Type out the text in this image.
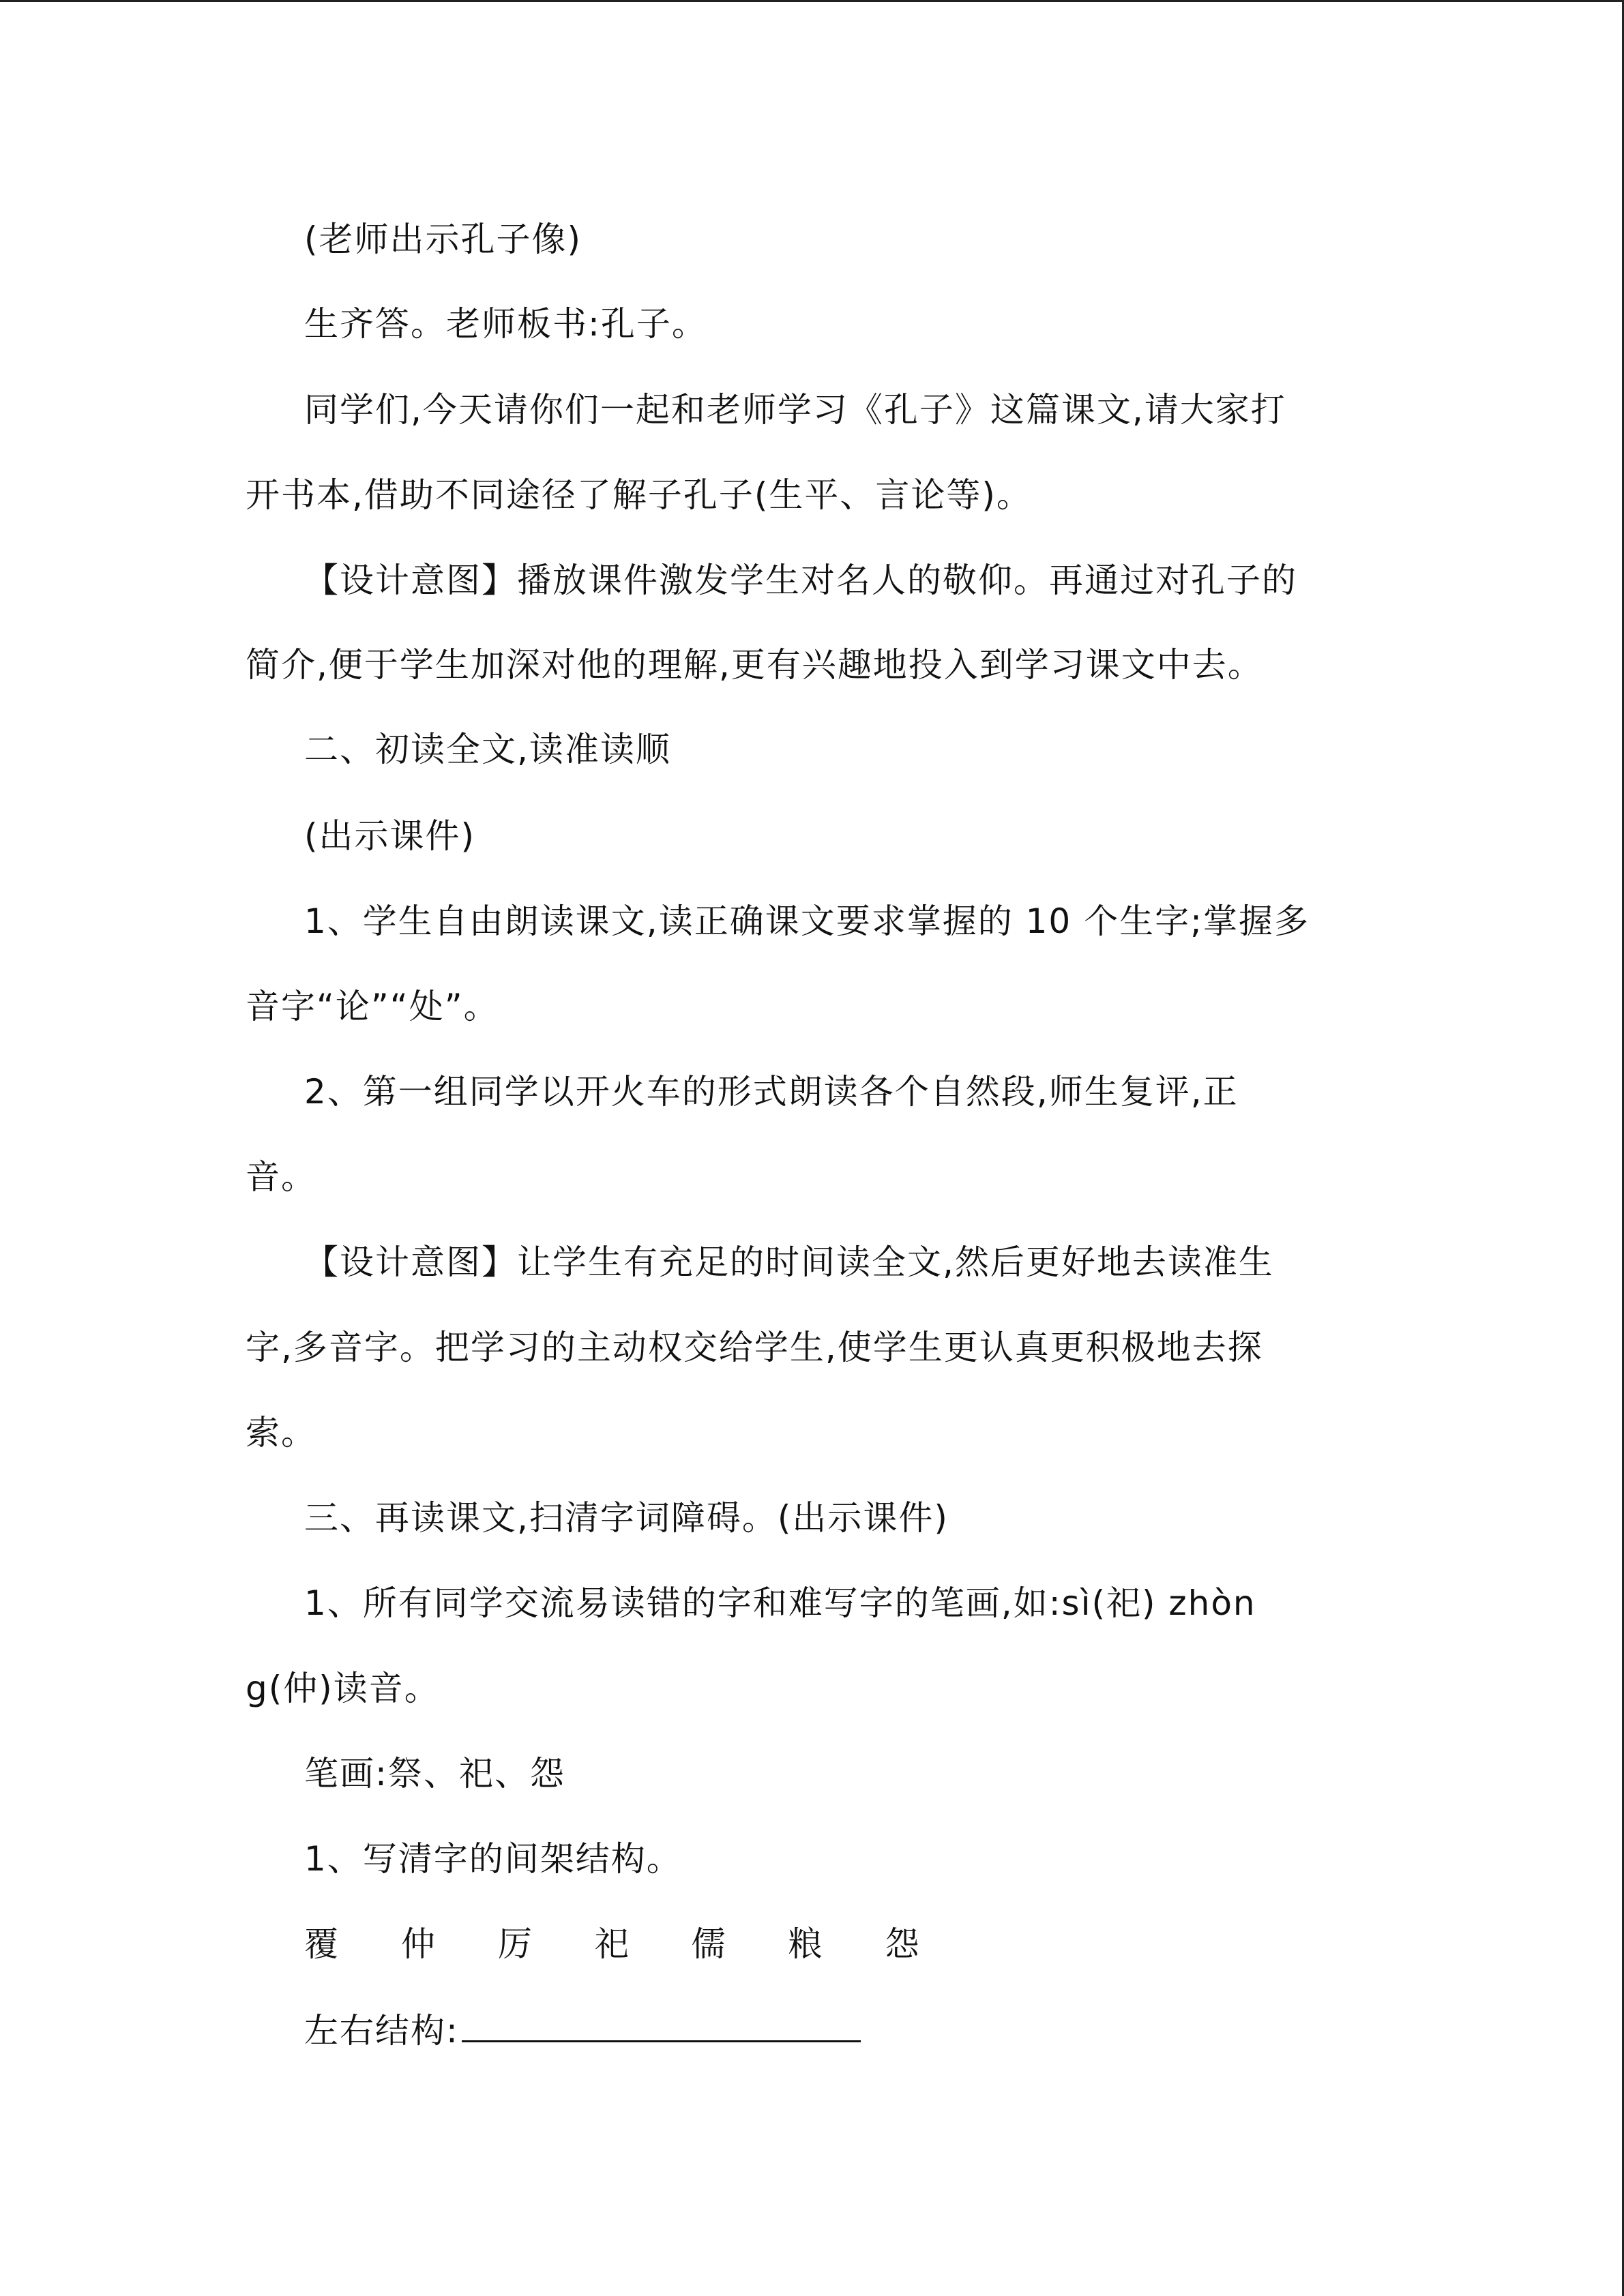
(老师出示孔子像)
生齐答。老师板书:孔子。
同学们,今天请你们一起和老师学习《孔子》这篇课文,请大家打
开书本,借助不同途径了解子孔子(生平、言论等)。
【设计意图】播放课件激发学生对名人的敬仰。再通过对孔子的
简介,便于学生加深对他的理解,更有兴趣地投入到学习课文中去。
二、初读全文,读准读顺
(出示课件)
1、学生自由朗读课文,读正确课文要求掌握的 10 个生字;掌握多
音字“论”“处”。
2、第一组同学以开火车的形式朗读各个自然段,师生复评,正
音。
【设计意图】让学生有充足的时间读全文,然后更好地去读准生
字,多音字。把学习的主动权交给学生,使学生更认真更积极地去探
索。
三、再读课文,扫清字词障碍。(出示课件)
1、所有同学交流易读错的字和难写字的笔画,如:sì(祀) zhòn
g(仲)读音。
笔画:祭、祀、怨
1、写清字的间架结构。
覆 仲 厉 祀 儒 粮 怨
左右结构:
